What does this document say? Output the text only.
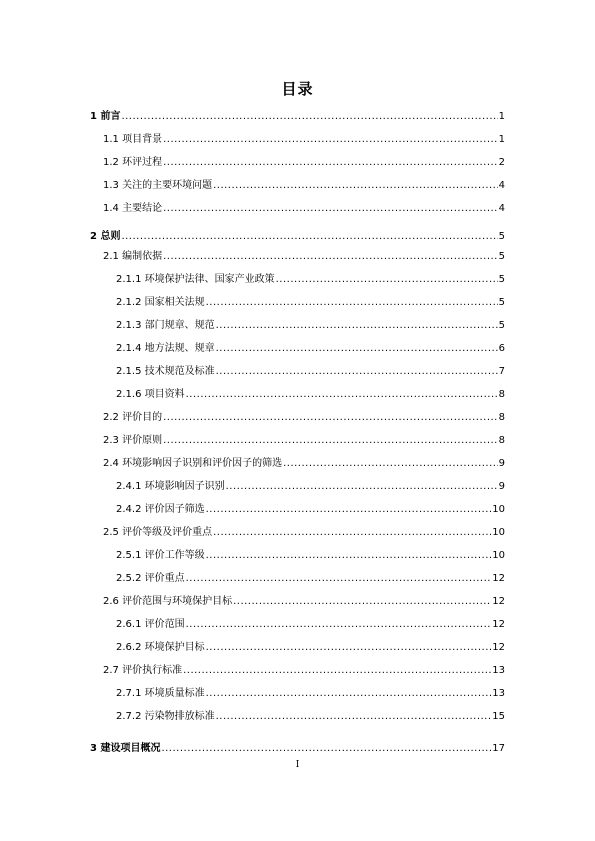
目录
1 前言 .....	1
1.1 项目背景 .....	1
1.2 环评过程 .....	2
1.3 关注的主要环境问题 .....	4
1.4 主要结论 .....	4
2 总则 .....	5
2.1 编制依据 .....	5
2.1.1 环境保护法律、国家产业政策 .....	5
2.1.2 国家相关法规 .....	5
2.1.3 部门规章、规范 .....	5
2.1.4 地方法规、规章 .....	6
2.1.5 技术规范及标准 .....	7
2.1.6 项目资料 .....	8
2.2 评价目的 .....	8
2.3 评价原则 .....	8
2.4 环境影响因子识别和评价因子的筛选 .....	9
2.4.1 环境影响因子识别 .....	9
2.4.2 评价因子筛选 .....	10
2.5 评价等级及评价重点 .....	10
2.5.1 评价工作等级 .....	10
2.5.2 评价重点 .....	12
2.6 评价范围与环境保护目标 .....	12
2.6.1 评价范围 .....	12
2.6.2 环境保护目标 .....	12
2.7 评价执行标准 .....	13
2.7.1 环境质量标准 .....	13
2.7.2 污染物排放标准 .....	15
3 建设项目概况 .....	17
I
